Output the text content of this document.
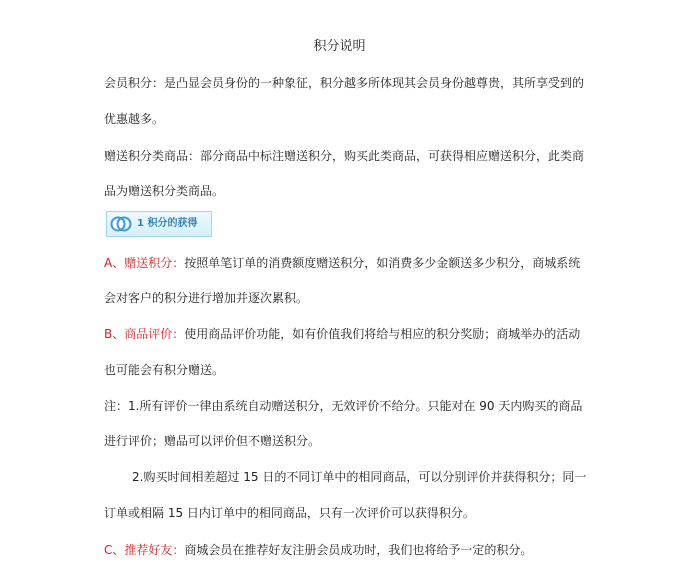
积分说明
会员积分：是凸显会员身份的一种象征，积分越多所体现其会员身份越尊贵，其所享受到的
优惠越多。
赠送积分类商品：部分商品中标注赠送积分，购买此类商品，可获得相应赠送积分，此类商
品为赠送积分类商品。
1 积分的获得
A、赠送积分：按照单笔订单的消费额度赠送积分，如消费多少金额送多少积分，商城系统
会对客户的积分进行增加并逐次累积。
B、商品评价：使用商品评价功能，如有价值我们将给与相应的积分奖励；商城举办的活动
也可能会有积分赠送。
注：1.所有评价一律由系统自动赠送积分，无效评价不给分。只能对在 90 天内购买的商品
进行评价；赠品可以评价但不赠送积分。
2.购买时间相差超过 15 日的不同订单中的相同商品，可以分别评价并获得积分；同一
订单或相隔 15 日内订单中的相同商品，只有一次评价可以获得积分。
C、推荐好友：商城会员在推荐好友注册会员成功时，我们也将给予一定的积分。
